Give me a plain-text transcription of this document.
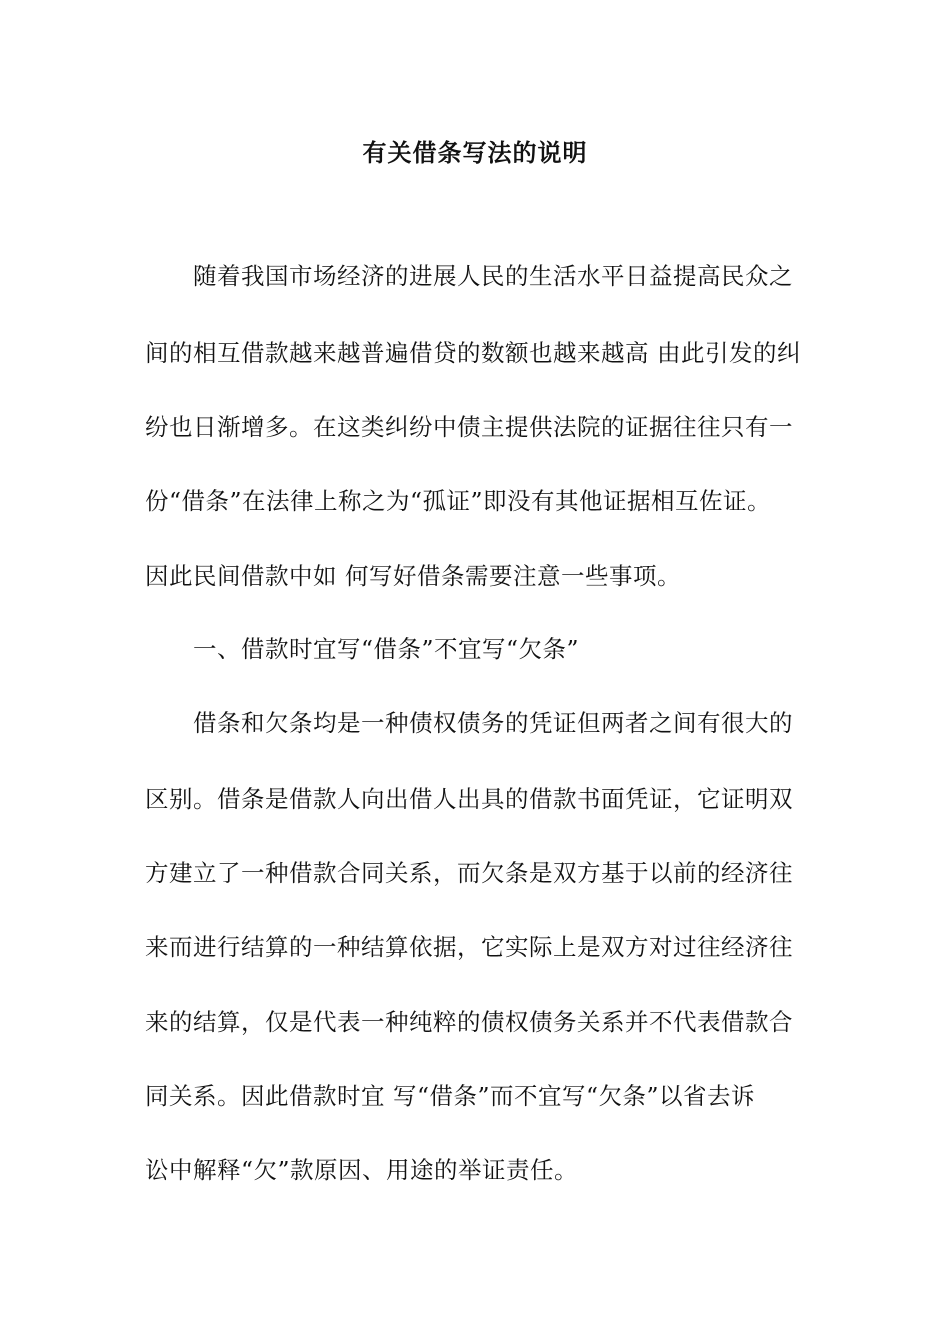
有关借条写法的说明
随着我国市场经济的进展人民的生活水平日益提高民众之
间的相互借款越来越普遍借贷的数额也越来越高 由此引发的纠
纷也日渐增多。在这类纠纷中债主提供法院的证据往往只有一
份“借条”在法律上称之为“孤证”即没有其他证据相互佐证。
因此民间借款中如 何写好借条需要注意一些事项。
一、借款时宜写“借条”不宜写“欠条”
借条和欠条均是一种债权债务的凭证但两者之间有很大的
区别。借条是借款人向出借人出具的借款书面凭证，它证明双
方建立了一种借款合同关系，而欠条是双方基于以前的经济往
来而进行结算的一种结算依据，它实际上是双方对过往经济往
来的结算，仅是代表一种纯粹的债权债务关系并不代表借款合
同关系。因此借款时宜 写“借条”而不宜写“欠条”以省去诉
讼中解释“欠”款原因、用途的举证责任。
